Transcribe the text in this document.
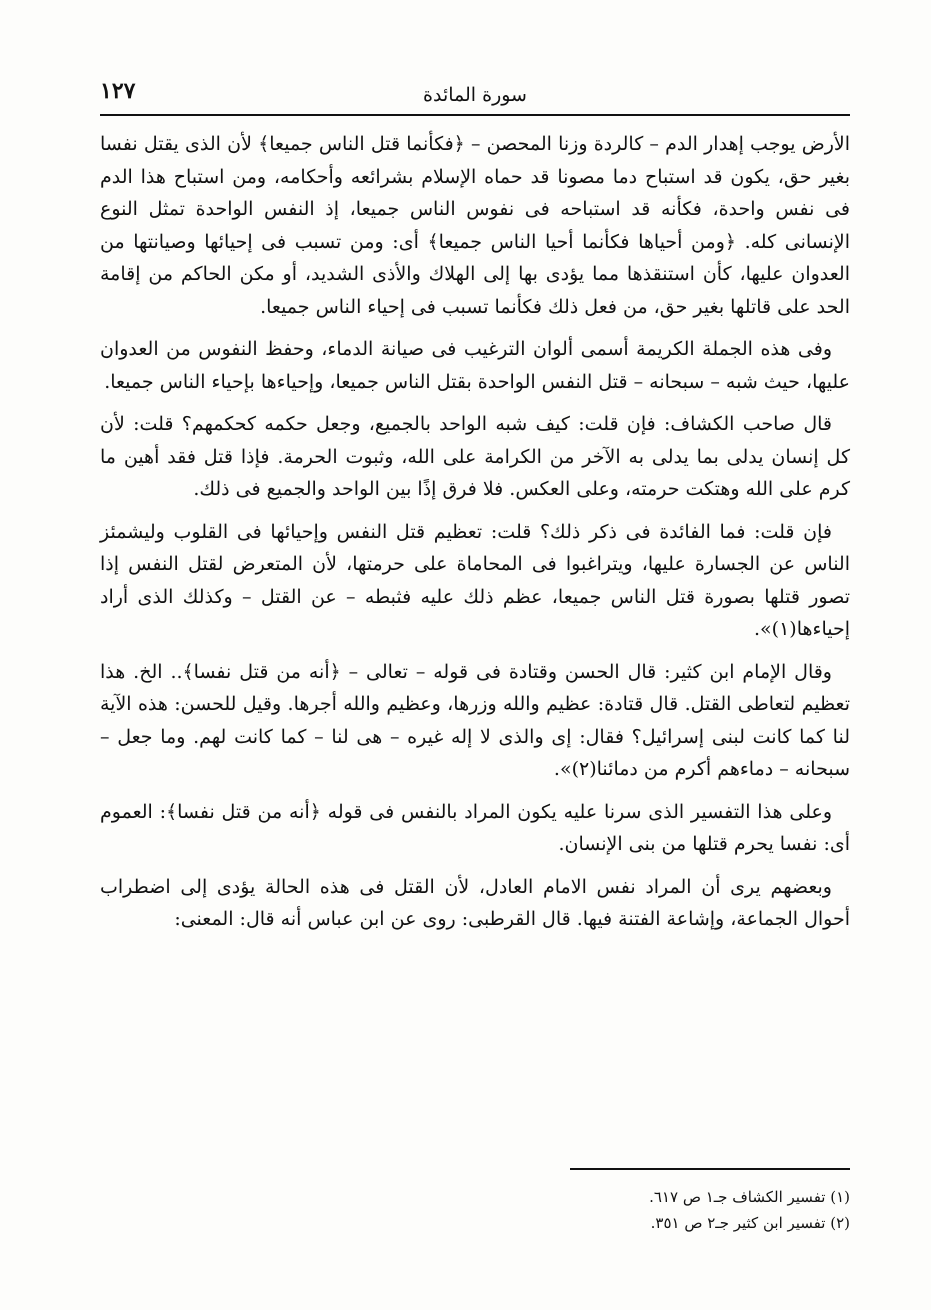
سورة المائدة
١٢٧

الأرض يوجب إهدار الدم – كالردة وزنا المحصن – ﴿فكأنما قتل الناس جميعا﴾ لأن الذى يقتل نفسا بغير حق، يكون قد استباح دما مصونا قد حماه الإسلام بشرائعه وأحكامه، ومن استباح هذا الدم فى نفس واحدة، فكأنه قد استباحه فى نفوس الناس جميعا، إذ النفس الواحدة تمثل النوع الإنسانى كله. ﴿ومن أحياها فكأنما أحيا الناس جميعا﴾ أى: ومن تسبب فى إحيائها وصيانتها من العدوان عليها، كأن استنقذها مما يؤدى بها إلى الهلاك والأذى الشديد، أو مكن الحاكم من إقامة الحد على قاتلها بغير حق، من فعل ذلك فكأنما تسبب فى إحياء الناس جميعا.

وفى هذه الجملة الكريمة أسمى ألوان الترغيب فى صيانة الدماء، وحفظ النفوس من العدوان عليها، حيث شبه – سبحانه – قتل النفس الواحدة بقتل الناس جميعا، وإحياءها بإحياء الناس جميعا.

قال صاحب الكشاف: فإن قلت: كيف شبه الواحد بالجميع، وجعل حكمه كحكمهم؟ قلت: لأن كل إنسان يدلى بما يدلى به الآخر من الكرامة على الله، وثبوت الحرمة. فإذا قتل فقد أهين ما كرم على الله وهتكت حرمته، وعلى العكس. فلا فرق إذًا بين الواحد والجميع فى ذلك.

فإن قلت: فما الفائدة فى ذكر ذلك؟ قلت: تعظيم قتل النفس وإحيائها فى القلوب وليشمئز الناس عن الجسارة عليها، ويتراغبوا فى المحاماة على حرمتها، لأن المتعرض لقتل النفس إذا تصور قتلها بصورة قتل الناس جميعا، عظم ذلك عليه فثبطه – عن القتل – وكذلك الذى أراد إحياءها(١)».

وقال الإمام ابن كثير: قال الحسن وقتادة فى قوله – تعالى – ﴿أنه من قتل نفسا﴾.. الخ. هذا تعظيم لتعاطى القتل. قال قتادة: عظيم والله وزرها، وعظيم والله أجرها. وقيل للحسن: هذه الآية لنا كما كانت لبنى إسرائيل؟ فقال: إى والذى لا إله غيره – هى لنا – كما كانت لهم. وما جعل – سبحانه – دماءهم أكرم من دمائنا(٢)».

وعلى هذا التفسير الذى سرنا عليه يكون المراد بالنفس فى قوله ﴿أنه من قتل نفسا﴾: العموم أى: نفسا يحرم قتلها من بنى الإنسان.

وبعضهم يرى أن المراد نفس الامام العادل، لأن القتل فى هذه الحالة يؤدى إلى اضطراب أحوال الجماعة، وإشاعة الفتنة فيها. قال القرطبى: روى عن ابن عباس أنه قال: المعنى:

(١) تفسير الكشاف جـ١ ص ٦١٧.

(٢) تفسير ابن كثير جـ٢ ص ٣٥١.
